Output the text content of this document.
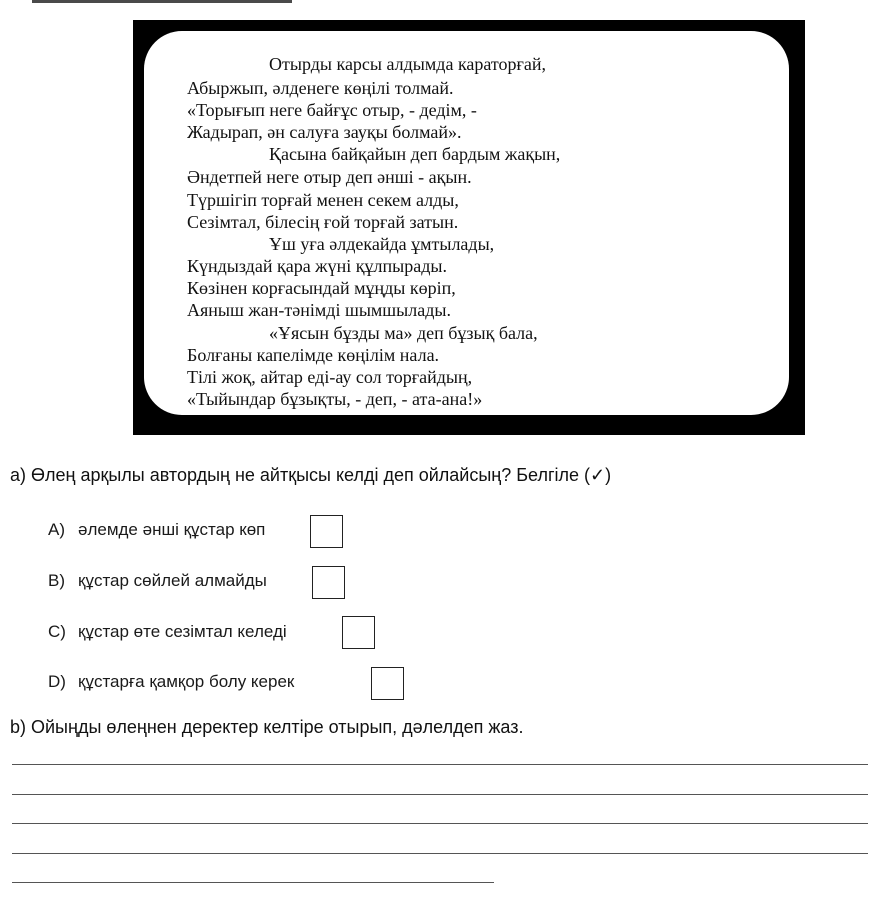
Отырды карсы алдымда караторғай,
Абыржып, әлденеге көңілі толмай.
«Торығып неге байғұс отыр, - дедім, -
Жадырап, ән салуға зауқы болмай».
Қасына байқайын деп бардым жақын,
Әндетпей неге отыр деп әнші - ақын.
Түршігіп торғай менен секем алды,
Сезімтал, білесің ғой торғай затын.
Ұш уға әлдекайда ұмтылады,
Күндыздай қара жүні құлпырады.
Көзінен корғасындай мұңды көріп,
Аяныш жан-тәнімді шымшылады.
«Ұясын бұзды ма» деп бұзық бала,
Болғаны капелімде көңілім нала.
Тілі жоқ, айтар еді-ау сол торғайдың,
«Тыйындар бұзықты, - деп, - ата-ана!»
а) Өлең арқылы автордың не айтқысы келді деп ойлайсың? Белгіле (✓)
A) әлемде әнші құстар көп
B) құстар сөйлей алмайды
C) құстар өте сезімтал келеді
D) құстарға қамқор болу керек
b) Ойыңды өлеңнен деректер келтіре отырып, дәлелдеп жаз.
